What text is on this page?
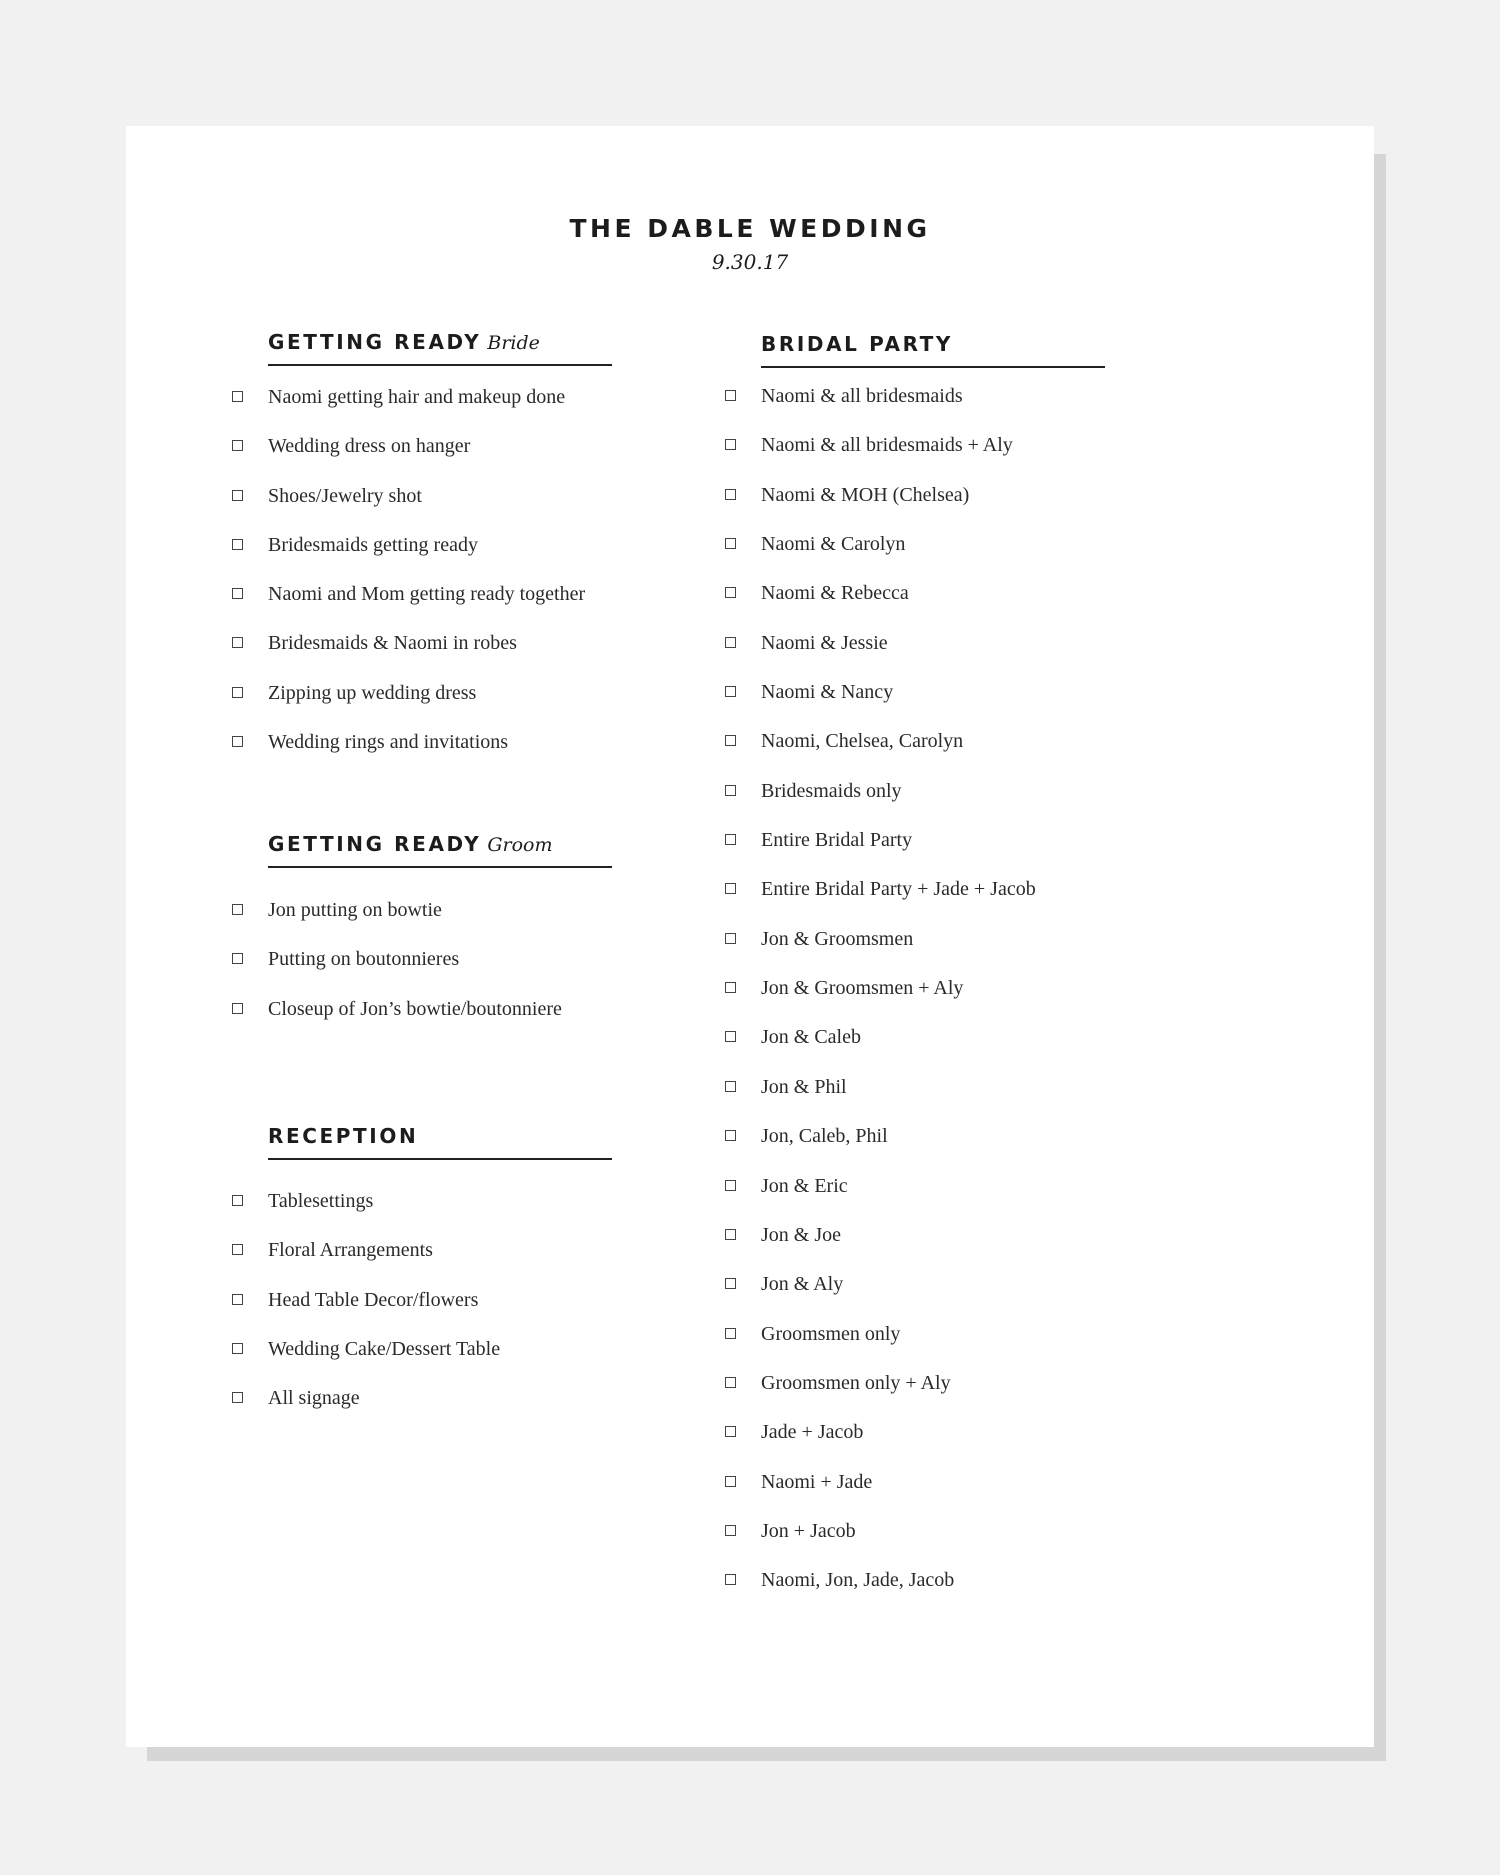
THE DABLE WEDDING
9.30.17
GETTING READY Bride
Naomi getting hair and makeup done
Wedding dress on hanger
Shoes/Jewelry shot
Bridesmaids getting ready
Naomi and Mom getting ready together
Bridesmaids & Naomi in robes
Zipping up wedding dress
Wedding rings and invitations
GETTING READY Groom
Jon putting on bowtie
Putting on boutonnieres
Closeup of Jon’s bowtie/boutonniere
RECEPTION
Tablesettings
Floral Arrangements
Head Table Decor/flowers
Wedding Cake/Dessert Table
All signage
BRIDAL PARTY
Naomi & all bridesmaids
Naomi & all bridesmaids + Aly
Naomi & MOH (Chelsea)
Naomi & Carolyn
Naomi & Rebecca
Naomi & Jessie
Naomi & Nancy
Naomi, Chelsea, Carolyn
Bridesmaids only
Entire Bridal Party
Entire Bridal Party + Jade + Jacob
Jon & Groomsmen
Jon & Groomsmen + Aly
Jon & Caleb
Jon & Phil
Jon, Caleb, Phil
Jon & Eric
Jon & Joe
Jon & Aly
Groomsmen only
Groomsmen only + Aly
Jade + Jacob
Naomi + Jade
Jon + Jacob
Naomi, Jon, Jade, Jacob
